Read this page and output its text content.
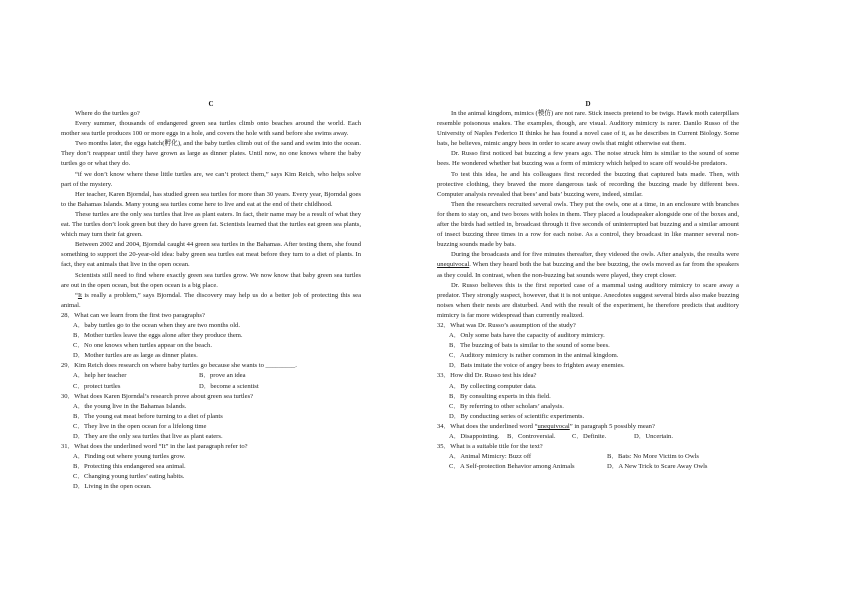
C

Where do the turtles go?

Every summer, thousands of endangered green sea turtles climb onto beaches around the world. Each mother sea turtle produces 100 or more eggs in a hole, and covers the hole with sand before she swims away.

Two months later, the eggs hatch(孵化), and the baby turtles climb out of the sand and swim into the ocean. They don’t reappear until they have grown as large as dinner plates. Until now, no one knows where the baby turtles go or what they do.

“if we don’t know where these little turtles are, we can’t protect them,” says Kim Reich, who helps solve part of the mystery.

Her teacher, Karen Bjorndal, has studied green sea turtles for more than 30 years. Every year, Bjorndal goes to the Bahamas Islands. Many young sea turtles come here to live and eat at the end of their childhood.

These turtles are the only sea turtles that live as plant eaters. In fact, their name may be a result of what they eat. The turtles don’t look green but they do have green fat. Scientists learned that the turtles eat green sea plants, which may turn their fat green.

Between 2002 and 2004, Bjorndal caught 44 green sea turtles in the Bahamas. After testing them, she found something to support the 20-year-old idea: baby green sea turtles eat meat before they turn to a diet of plants. In fact, they eat animals that live in the open ocean.

Scientists still need to find where exactly green sea turtles grow. We now know that baby green sea turtles are out in the open ocean, but the open ocean is a big place.

“It is really a problem,” says Bjorndal. The discovery may help us do a better job of protecting this sea animal.

28．What can we learn from the first two paragraphs?

A．baby turtles go to the ocean when they are two months old.

B．Mother turtles leave the eggs alone after they produce them.

C．No one knows when turtles appear on the beach.

D．Mother turtles are as large as dinner plates.

29．Kim Reich does research on where baby turtles go because she wants to _________.

A．help her teacher	B．prove an idea
C．protect turtles	D．become a scientist

30．What does Karen Bjorndal’s research prove about green sea turtles?

A．the young live in the Bahamas Islands.

B．The young eat meat before turning to a diet of plants

C．They live in the open ocean for a lifelong time

D．They are the only sea turtles that live as plant eaters.

31．What does the underlined word “It” in the last paragraph refer to?

A．Finding out where young turtles grow.

B．Protecting this endangered sea animal.

C．Changing young turtles’ eating habits.

D．Living in the open ocean.

D

In the animal kingdom, mimics (模仿) are not rare. Stick insects pretend to be twigs. Hawk moth caterpillars resemble poisonous snakes. The examples, though, are visual. Auditory mimicry is rarer. Danilo Russo of the University of Naples Federico II thinks he has found a novel case of it, as he describes in Current Biology. Some bats, he believes, mimic angry bees in order to scare away owls that might otherwise eat them.

Dr. Russo first noticed bat buzzing a few years ago. The noise struck him is similar to the sound of some bees. He wondered whether bat buzzing was a form of mimicry which helped to scare off would-be predators.

To test this idea, he and his colleagues first recorded the buzzing that captured bats made. Then, with protective clothing, they braved the more dangerous task of recording the buzzing made by different bees. Computer analysis revealed that bees’ and bats’ buzzing were, indeed, similar.

Then the researchers recruited several owls. They put the owls, one at a time, in an enclosure with branches for them to stay on, and two boxes with holes in them. They placed a loudspeaker alongside one of the boxes and, after the birds had settled in, broadcast through it five seconds of uninterrupted bat buzzing and a similar amount of insect buzzing three times in a row for each noise. As a control, they broadcast in like manner several non-buzzing sounds made by bats.

During the broadcasts and for five minutes thereafter, they videoed the owls. After analysis, the results were unequivocal. When they heard both the bat buzzing and the bee buzzing, the owls moved as far from the speakers as they could. In contrast, when the non-buzzing bat sounds were played, they crept closer.

Dr. Russo believes this is the first reported case of a mammal using auditory mimicry to scare away a predator. They strongly suspect, however, that it is not unique. Anecdotes suggest several birds also make buzzing noises when their nests are disturbed. And with the result of the experiment, he therefore predicts that auditory mimicry is far more widespread than currently realized.

32．What was Dr. Russo’s assumption of the study?

A．Only some bats have the capacity of auditory mimicry.

B．The buzzing of bats is similar to the sound of some bees.

C．Auditory mimicry is rather common in the animal kingdom.

D．Bats imitate the voice of angry bees to frighten away enemies.

33．How did Dr. Russo test his idea?

A．By collecting computer data.

B．By consulting experts in this field.

C．By referring to other scholars’ analysis.

D．By conducting series of scientific experiments.

34．What does the underlined word “unequivocal” in paragraph 5 possibly mean?

A．Disappointing.	B．Controversial.	C．Definite.	D．Uncertain.

35．What is a suitable title for the text?

A．Animal Mimicry: Buzz off	B．Bats: No More Victim to Owls
C．A Self-protection Behavior among Animals	D．A New Trick to Scare Away Owls
